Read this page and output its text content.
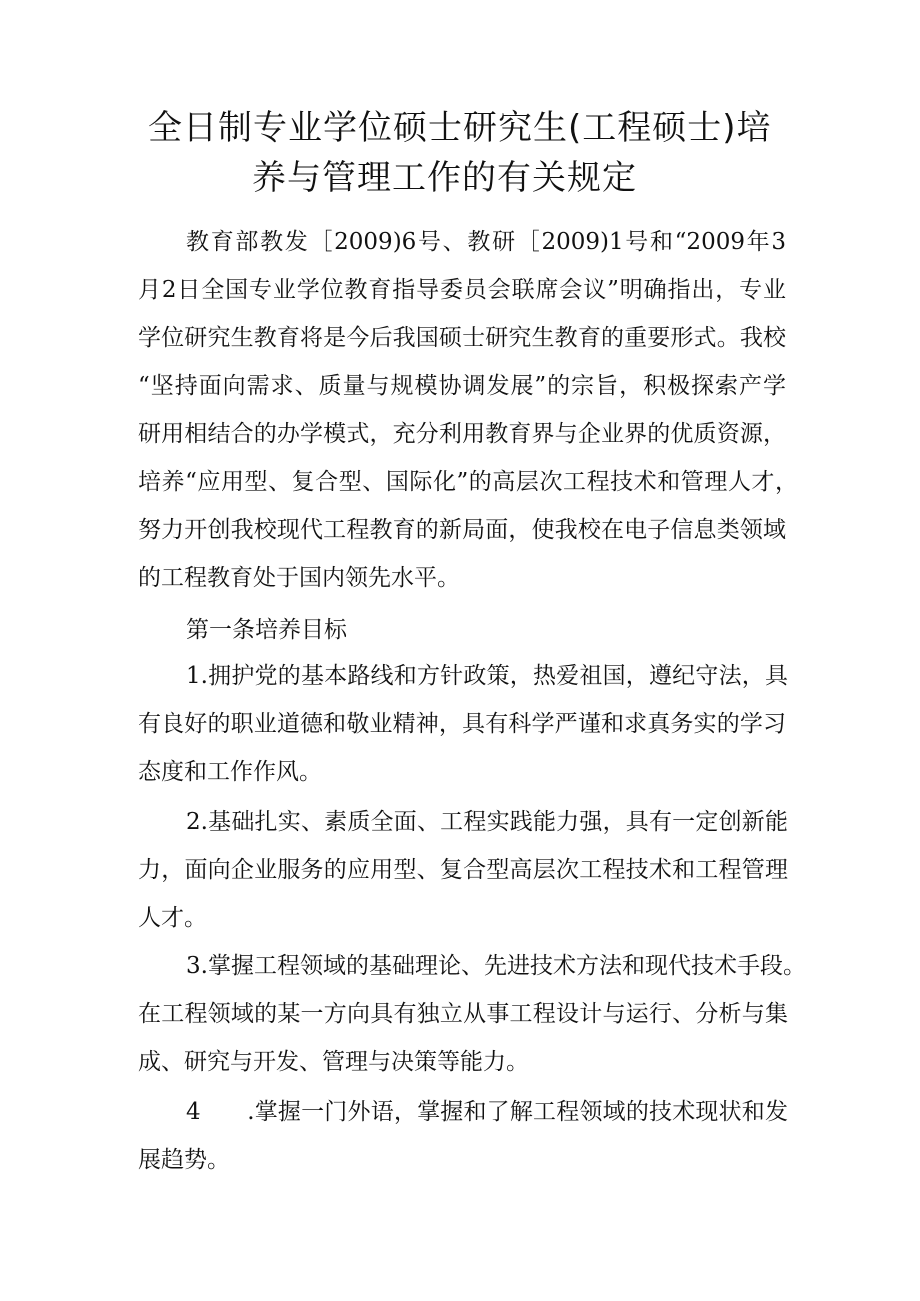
全日制专业学位硕士研究生(工程硕士)培
养与管理工作的有关规定
教育部教发［2009)6号、教研［2009)1号和“2009年3
月2日全国专业学位教育指导委员会联席会议”明确指出，专业
学位研究生教育将是今后我国硕士研究生教育的重要形式。我校
“坚持面向需求、质量与规模协调发展”的宗旨，积极探索产学
研用相结合的办学模式，充分利用教育界与企业界的优质资源，
培养“应用型、复合型、国际化”的高层次工程技术和管理人才，
努力开创我校现代工程教育的新局面，使我校在电子信息类领域
的工程教育处于国内领先水平。
第一条培养目标
1.拥护党的基本路线和方针政策，热爱祖国，遵纪守法，具
有良好的职业道德和敬业精神，具有科学严谨和求真务实的学习
态度和工作作风。
2.基础扎实、素质全面、工程实践能力强，具有一定创新能
力，面向企业服务的应用型、复合型高层次工程技术和工程管理
人才。
3.掌握工程领域的基础理论、先进技术方法和现代技术手段。
在工程领域的某一方向具有独立从事工程设计与运行、分析与集
成、研究与开发、管理与决策等能力。
4　　.掌握一门外语，掌握和了解工程领域的技术现状和发
展趋势。
